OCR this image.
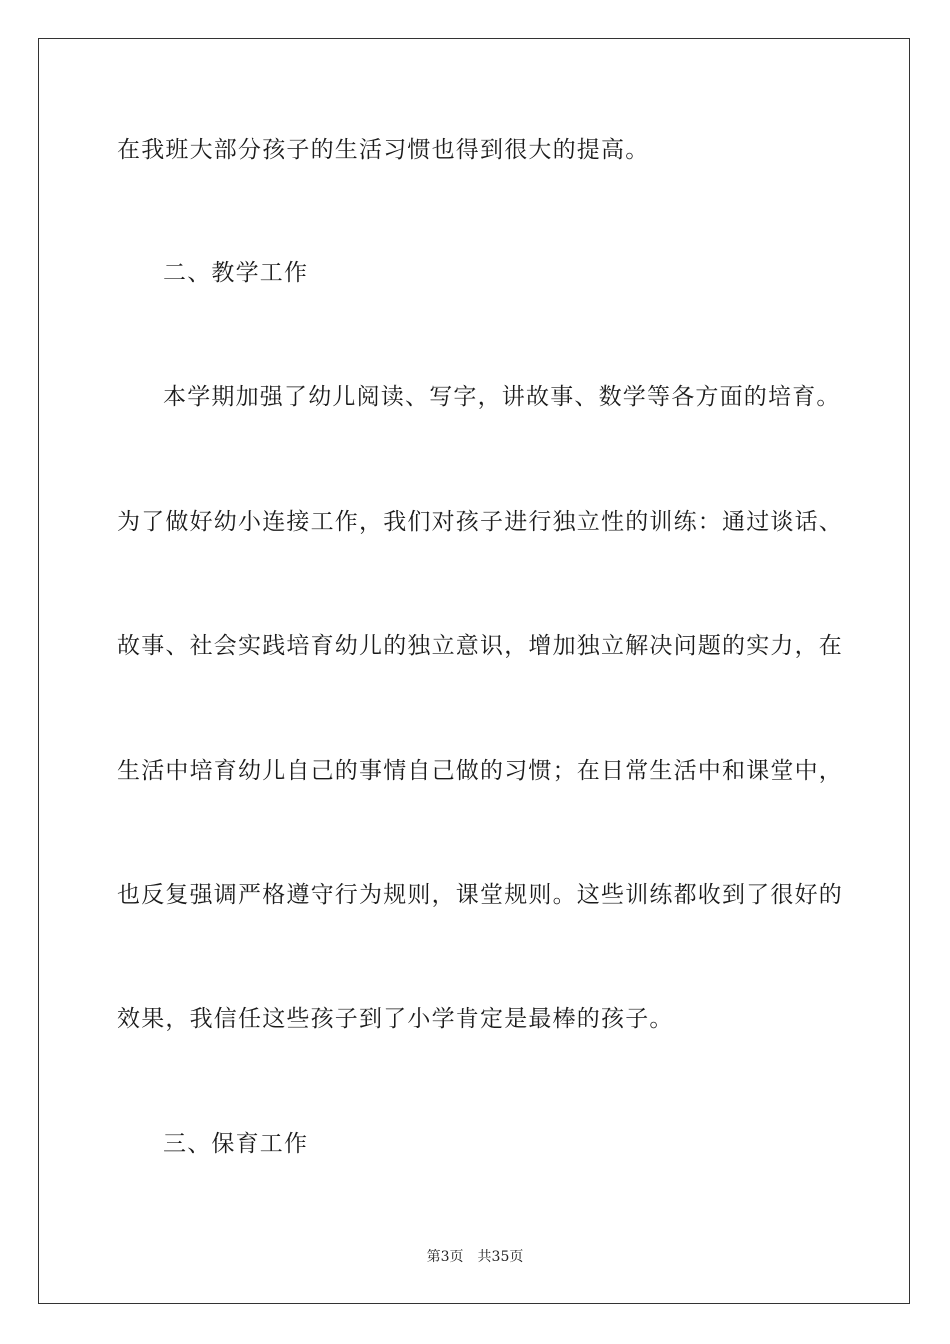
在我班大部分孩子的生活习惯也得到很大的提高。
二、教学工作
本学期加强了幼儿阅读、写字，讲故事、数学等各方面的培育。
为了做好幼小连接工作，我们对孩子进行独立性的训练：通过谈话、
故事、社会实践培育幼儿的独立意识，增加独立解决问题的实力，在
生活中培育幼儿自己的事情自己做的习惯；在日常生活中和课堂中，
也反复强调严格遵守行为规则，课堂规则。这些训练都收到了很好的
效果，我信任这些孩子到了小学肯定是最棒的孩子。
三、保育工作
第3页 共35页
